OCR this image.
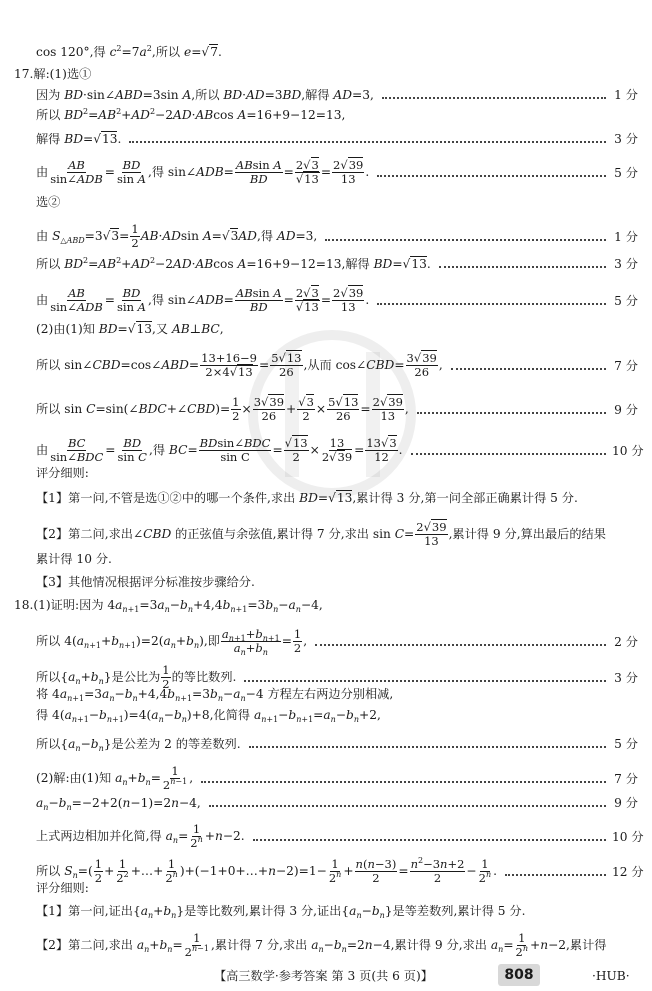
cos 120°,得 $c^2=7a^2$,所以 e=√7.
17.解:(1)选①
因为 BD·sin∠ABD=3sin A,所以 BD·AD=3BD,解得 AD=3,	1 分
所以 $BD^2=AB^2+AD^2-2AD\cdot ABcos$ A=16+9−12=13,
解得 BD=√13.	3 分
由 AB
sin∠ADB = $\frac{BD}{\text{sin A}}$ ,得 sin∠ADB= $\frac{\text{ABsin A}}{BD} = \frac{2√3}{√13} = \frac{2√39}{13}$ .	5 分
选②
由 $S_{\triangle ABD}=3√3= \frac{1}{2} AB\cdot ADsin$ A=√3AD,得 AD=3,	1 分
所以 $BD^2=AB^2+AD^2-2AD\cdot ABcos$ A=16+9−12=13,解得 BD=√13.	3 分
由 AB
sin∠ADB = $\frac{BD}{\text{sin A}}$ ,得 sin∠ADB= $\frac{\text{ABsin A}}{BD} = \frac{2√3}{√13} = \frac{2√39}{13}$ .	5 分
(2)由(1)知 BD=√13,又 AB⊥BC,
所以 sin∠CBD=cos∠ABD= $\frac{13+16-9}{2\times 4√13} = \frac{5√13}{26}$ ,从而 cos∠CBD= $\frac{3√39}{26}$ ,	7 分
所以 sin C=sin(∠BDC+∠CBD)= $\frac{1}{2} \times \frac{3√39}{26} + \frac{√3}{2} \times \frac{5√13}{26} = \frac{2√39}{13}$ ,	9 分
由 BC
sin∠BDC = $\frac{BD}{\text{sin C}}$ ,得 BC= BDsin∠BDC
$\sin C = \frac{√13}{2} \times \frac{13}{2√39} = \frac{13√3}{12}$ .	10 分
评分细则:
【1】第一问,不管是选①②中的哪一个条件,求出 BD=√13,累计得 3 分,第一问全部正确累计得 5 分.
【2】第二问,求出∠CBD 的正弦值与余弦值,累计得 7 分,求出 $\sin C= \frac{2√39}{13}$ ,累计得 9 分,算出最后的结果
累计得 10 分.
【3】其他情况根据评分标准按步骤给分.
18.(1)证明:因为 $4a_{n+1}=3a_n-b_n+4,4b_{n+1}=3b_n-a_n-4$,
所以 $4(a_{n+1}+b_{n+1})=2(a_n+b_n)$,即 $\frac{a_{n+1}+b_{n+1}}{a_n+b_n} = \frac{1}{2}$ ,	2 分
所以$\{a_n+b_n\}$是公比为 $\frac{1}{2}$ 的等比数列.	3 分
将 $4a_{n+1}=3a_n-b_n+4,4b_{n+1}=3b_n-a_n-4$ 方程左右两边分别相减,
得 $4(a_{n+1}-b_{n+1})=4(a_n-b_n)+8$,化简得 $a_{n+1}-b_{n+1}=a_n-b_n+2$,
所以$\{a_n-b_n\}$是公差为 2 的等差数列.	5 分
(2)解:由(1)知 $a_n+b_n= \frac{1}{2^{n-1}}$ ,	7 分
$a_n-b_n=-2+2(n-1)=2n-4$,	9 分
上式两边相加并化简,得 $a_n= \frac{1}{2^n} +n-2$.	10 分
所以 $S_n=( \frac{1}{2} + \frac{1}{2^2}$ +…+ $\frac{1}{2^n}$ )+(−1+0+…+n−2)=1− $\frac{1}{2^n} + \frac{n(n-3)}{2} = \frac{n^2-3n+2}{2} - \frac{1}{2^n}$ .	12 分
评分细则:
【1】第一问,证出$\{a_n+b_n\}$是等比数列,累计得 3 分,证出$\{a_n-b_n\}$是等差数列,累计得 5 分.
【2】第二问,求出 $a_n+b_n= \frac{1}{2^{n-1}}$ ,累计得 7 分,求出 $a_n-b_n=2n-4$,累计得 9 分,求出 $a_n= \frac{1}{2^n} +n-2$,累计得
【高三数学·参考答案 第 3 页(共 6 页)】	808	·HUB·
